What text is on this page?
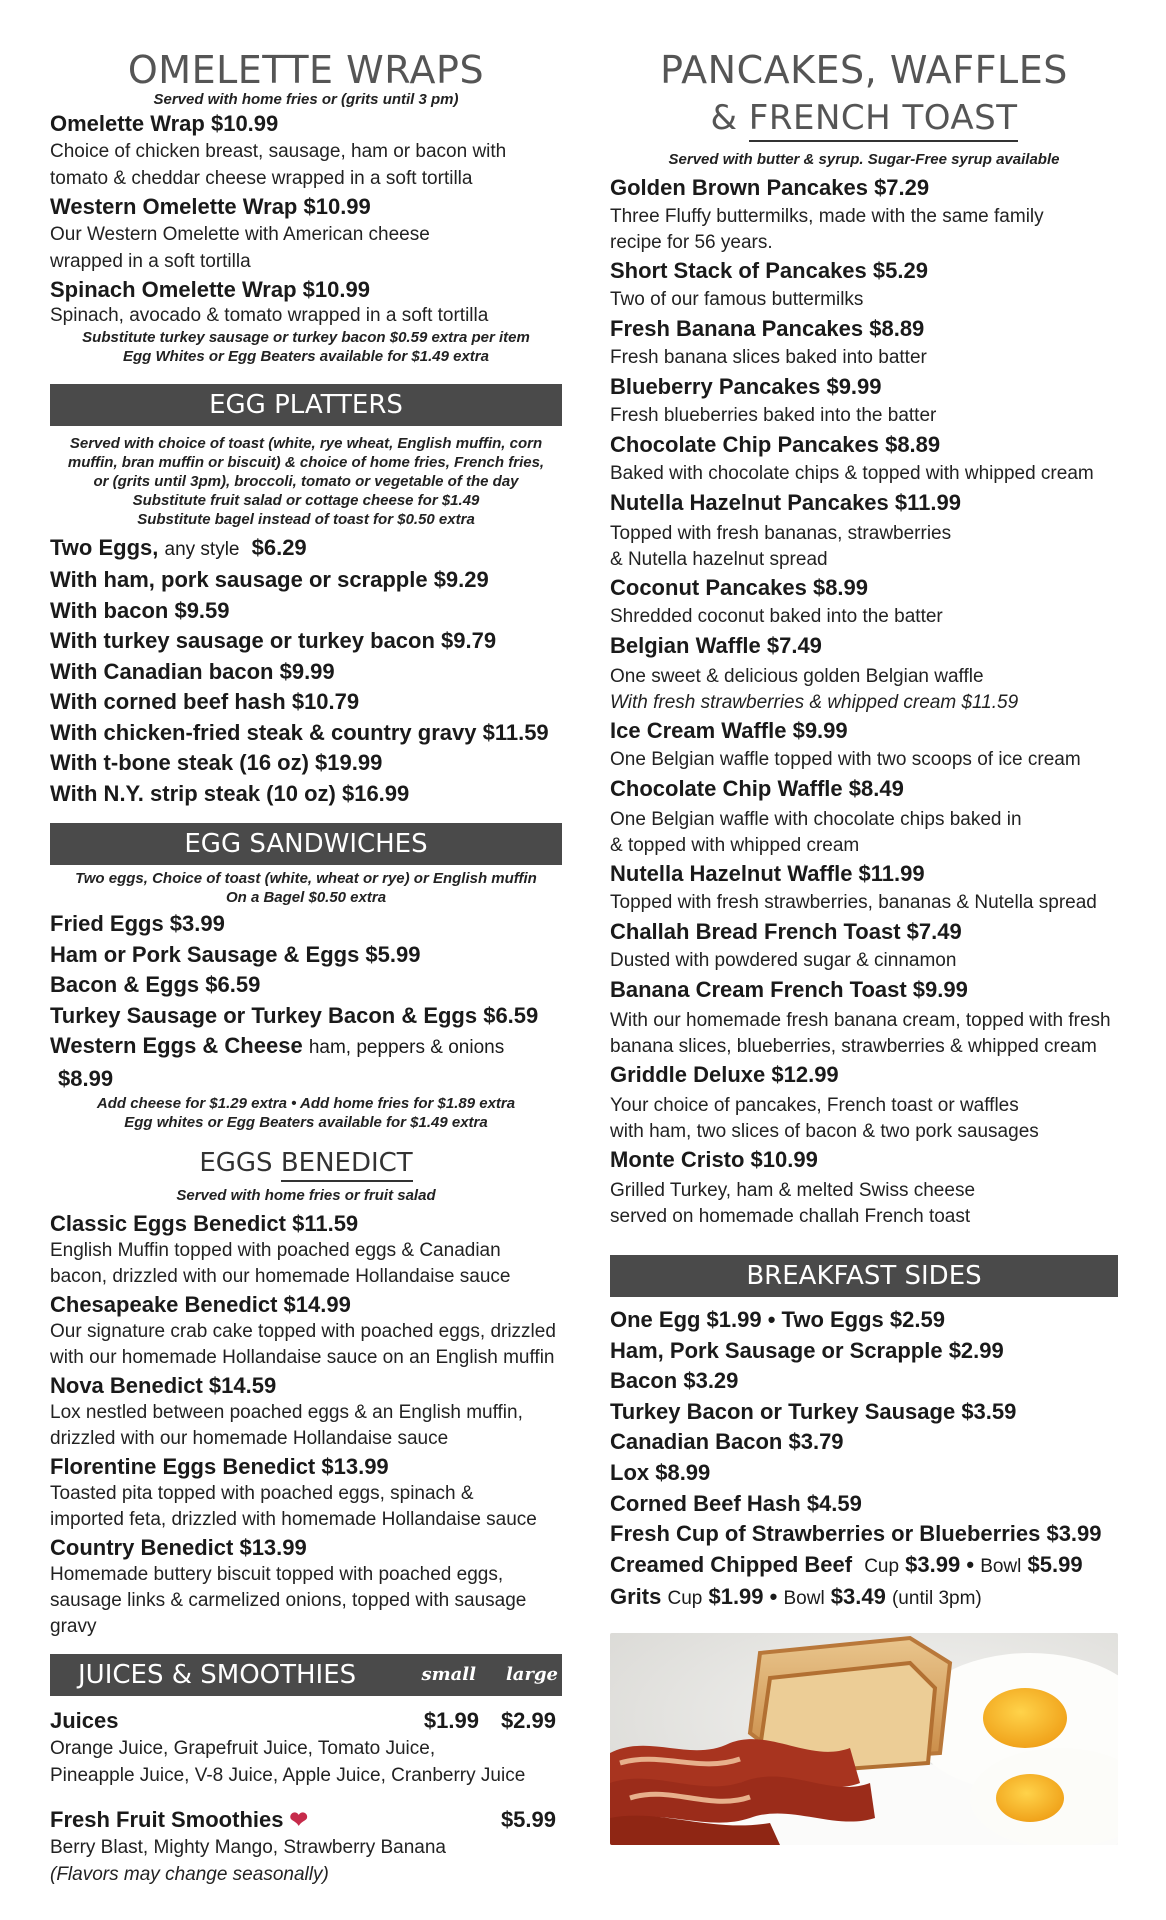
OMELETTE WRAPS
Served with home fries or (grits until 3 pm)
Omelette Wrap $10.99
Choice of chicken breast, sausage, ham or bacon with
tomato & cheddar cheese wrapped in a soft tortilla
Western Omelette Wrap $10.99
Our Western Omelette with American cheese
wrapped in a soft tortilla
Spinach Omelette Wrap $10.99
Spinach, avocado & tomato wrapped in a soft tortilla
Substitute turkey sausage or turkey bacon $0.59 extra per item
Egg Whites or Egg Beaters available for $1.49 extra
EGG PLATTERS
Served with choice of toast (white, rye wheat, English muffin, corn
muffin, bran muffin or biscuit) & choice of home fries, French fries,
or (grits until 3pm), broccoli, tomato or vegetable of the day
Substitute fruit salad or cottage cheese for $1.49
Substitute bagel instead of toast for $0.50 extra
Two Eggs, any style $6.29
With ham, pork sausage or scrapple $9.29
With bacon $9.59
With turkey sausage or turkey bacon $9.79
With Canadian bacon $9.99
With corned beef hash $10.79
With chicken-fried steak & country gravy $11.59
With t-bone steak (16 oz) $19.99
With N.Y. strip steak (10 oz) $16.99
EGG SANDWICHES
Two eggs, Choice of toast (white, wheat or rye) or English muffin
On a Bagel $0.50 extra
Fried Eggs $3.99
Ham or Pork Sausage & Eggs $5.99
Bacon & Eggs $6.59
Turkey Sausage or Turkey Bacon & Eggs $6.59
Western Eggs & Cheese ham, peppers & onions $8.99
Add cheese for $1.29 extra • Add home fries for $1.89 extra
Egg whites or Egg Beaters available for $1.49 extra
EGGS BENEDICT
Served with home fries or fruit salad
Classic Eggs Benedict $11.59
English Muffin topped with poached eggs & Canadian
bacon, drizzled with our homemade Hollandaise sauce
Chesapeake Benedict $14.99
Our signature crab cake topped with poached eggs, drizzled
with our homemade Hollandaise sauce on an English muffin
Nova Benedict $14.59
Lox nestled between poached eggs & an English muffin,
drizzled with our homemade Hollandaise sauce
Florentine Eggs Benedict $13.99
Toasted pita topped with poached eggs, spinach &
imported feta, drizzled with homemade Hollandaise sauce
Country Benedict $13.99
Homemade buttery biscuit topped with poached eggs,
sausage links & carmelized onions, topped with sausage gravy
JUICES & SMOOTHIES	small large
Juices	$1.99 $2.99
Orange Juice, Grapefruit Juice, Tomato Juice,
Pineapple Juice, V-8 Juice, Apple Juice, Cranberry Juice
Fresh Fruit Smoothies ❤	$5.99
Berry Blast, Mighty Mango, Strawberry Banana
(Flavors may change seasonally)
PANCAKES, WAFFLES
& FRENCH TOAST
Served with butter & syrup. Sugar-Free syrup available
Golden Brown Pancakes $7.29
Three Fluffy buttermilks, made with the same family
recipe for 56 years.
Short Stack of Pancakes $5.29
Two of our famous buttermilks
Fresh Banana Pancakes $8.89
Fresh banana slices baked into batter
Blueberry Pancakes $9.99
Fresh blueberries baked into the batter
Chocolate Chip Pancakes $8.89
Baked with chocolate chips & topped with whipped cream
Nutella Hazelnut Pancakes $11.99
Topped with fresh bananas, strawberries
& Nutella hazelnut spread
Coconut Pancakes $8.99
Shredded coconut baked into the batter
Belgian Waffle $7.49
One sweet & delicious golden Belgian waffle
With fresh strawberries & whipped cream $11.59
Ice Cream Waffle $9.99
One Belgian waffle topped with two scoops of ice cream
Chocolate Chip Waffle $8.49
One Belgian waffle with chocolate chips baked in
& topped with whipped cream
Nutella Hazelnut Waffle $11.99
Topped with fresh strawberries, bananas & Nutella spread
Challah Bread French Toast $7.49
Dusted with powdered sugar & cinnamon
Banana Cream French Toast $9.99
With our homemade fresh banana cream, topped with fresh
banana slices, blueberries, strawberries & whipped cream
Griddle Deluxe $12.99
Your choice of pancakes, French toast or waffles
with ham, two slices of bacon & two pork sausages
Monte Cristo $10.99
Grilled Turkey, ham & melted Swiss cheese
served on homemade challah French toast
BREAKFAST SIDES
One Egg $1.99 • Two Eggs $2.59
Ham, Pork Sausage or Scrapple $2.99
Bacon $3.29
Turkey Bacon or Turkey Sausage $3.59
Canadian Bacon $3.79
Lox $8.99
Corned Beef Hash $4.59
Fresh Cup of Strawberries or Blueberries $3.99
Creamed Chipped Beef Cup $3.99 • Bowl $5.99
Grits Cup $1.99 • Bowl $3.49 (until 3pm)
